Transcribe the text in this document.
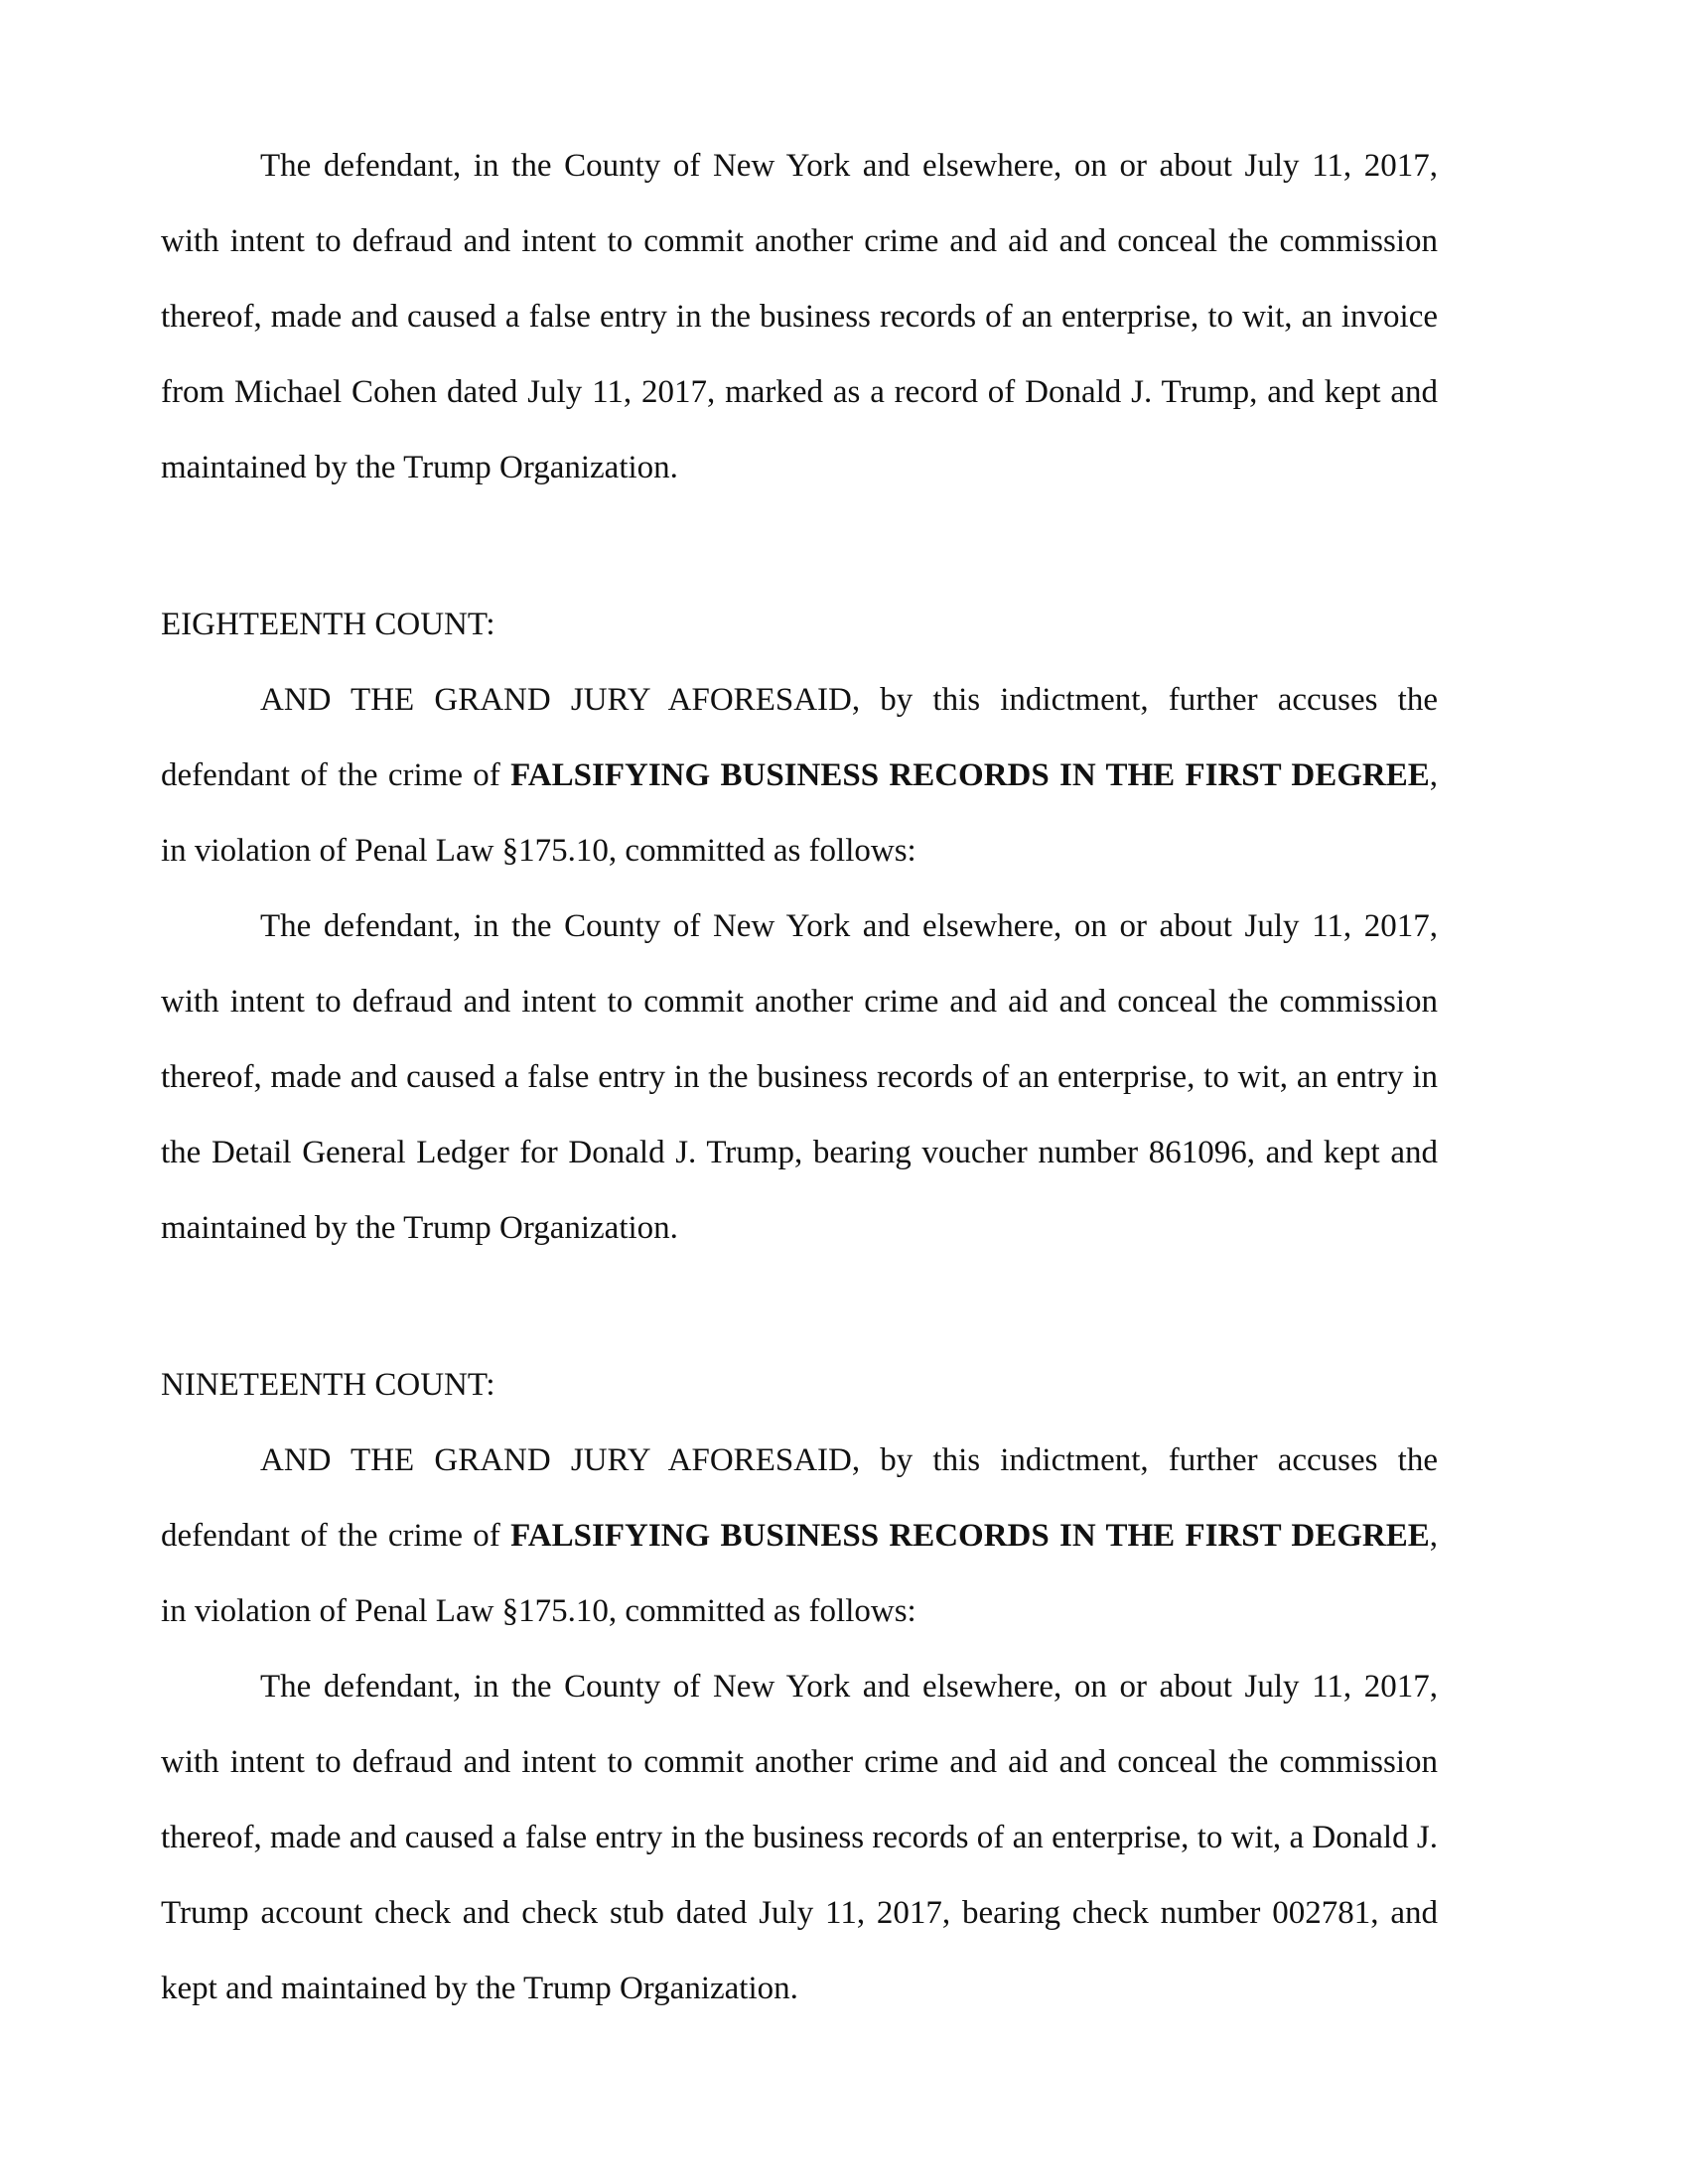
The defendant, in the County of New York and elsewhere, on or about July 11, 2017, with intent to defraud and intent to commit another crime and aid and conceal the commission thereof, made and caused a false entry in the business records of an enterprise, to wit, an invoice from Michael Cohen dated July 11, 2017, marked as a record of Donald J. Trump, and kept and maintained by the Trump Organization.

EIGHTEENTH COUNT:

AND THE GRAND JURY AFORESAID, by this indictment, further accuses the defendant of the crime of FALSIFYING BUSINESS RECORDS IN THE FIRST DEGREE, in violation of Penal Law §175.10, committed as follows:

The defendant, in the County of New York and elsewhere, on or about July 11, 2017, with intent to defraud and intent to commit another crime and aid and conceal the commission thereof, made and caused a false entry in the business records of an enterprise, to wit, an entry in the Detail General Ledger for Donald J. Trump, bearing voucher number 861096, and kept and maintained by the Trump Organization.

NINETEENTH COUNT:

AND THE GRAND JURY AFORESAID, by this indictment, further accuses the defendant of the crime of FALSIFYING BUSINESS RECORDS IN THE FIRST DEGREE, in violation of Penal Law §175.10, committed as follows:

The defendant, in the County of New York and elsewhere, on or about July 11, 2017, with intent to defraud and intent to commit another crime and aid and conceal the commission thereof, made and caused a false entry in the business records of an enterprise, to wit, a Donald J. Trump account check and check stub dated July 11, 2017, bearing check number 002781, and kept and maintained by the Trump Organization.
